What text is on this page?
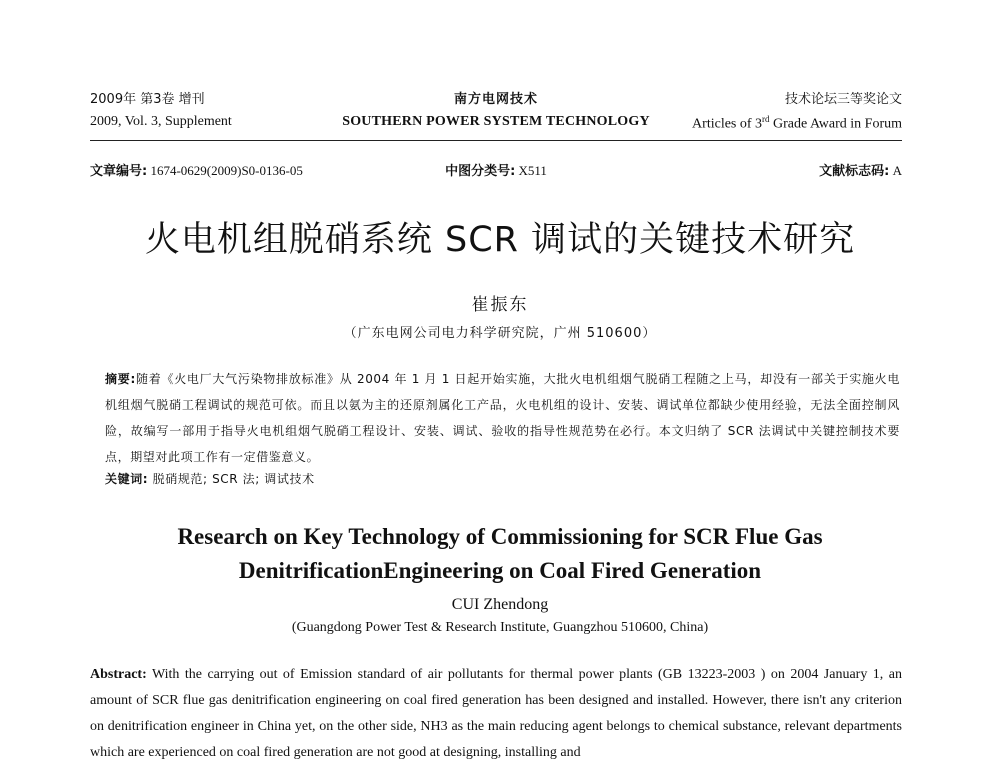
2009年 第3卷 增刊	南方电网技术	技术论坛三等奖论文
2009, Vol. 3, Supplement	SOUTHERN POWER SYSTEM TECHNOLOGY	Articles of 3rd Grade Award in Forum
文章编号: 1674-0629(2009)S0-0136-05	中图分类号: X511	文献标志码: A
火电机组脱硝系统 SCR 调试的关键技术研究
崔振东
（广东电网公司电力科学研究院，广州 510600）
摘要:随着《火电厂大气污染物排放标准》从 2004 年 1 月 1 日起开始实施，大批火电机组烟气脱硝工程随之上马，却没有一部关于实施火电机组烟气脱硝工程调试的规范可依。而且以氨为主的还原剂属化工产品，火电机组的设计、安装、调试单位都缺少使用经验，无法全面控制风险，故编写一部用于指导火电机组烟气脱硝工程设计、安装、调试、验收的指导性规范势在必行。本文归纳了 SCR 法调试中关键控制技术要点，期望对此项工作有一定借鉴意义。
关键词: 脱硝规范; SCR 法; 调试技术
Research on Key Technology of Commissioning for SCR Flue Gas
DenitrificationEngineering on Coal Fired Generation
CUI Zhendong
(Guangdong Power Test & Research Institute, Guangzhou 510600, China)
Abstract: With the carrying out of Emission standard of air pollutants for thermal power plants (GB 13223-2003 ) on 2004 January 1, an amount of SCR flue gas denitrification engineering on coal fired generation has been designed and installed. However, there isn't any criterion on denitrification engineer in China yet, on the other side, NH3 as the main reducing agent belongs to chemical substance, relevant departments which are experienced on coal fired generation are not good at designing, installing and
